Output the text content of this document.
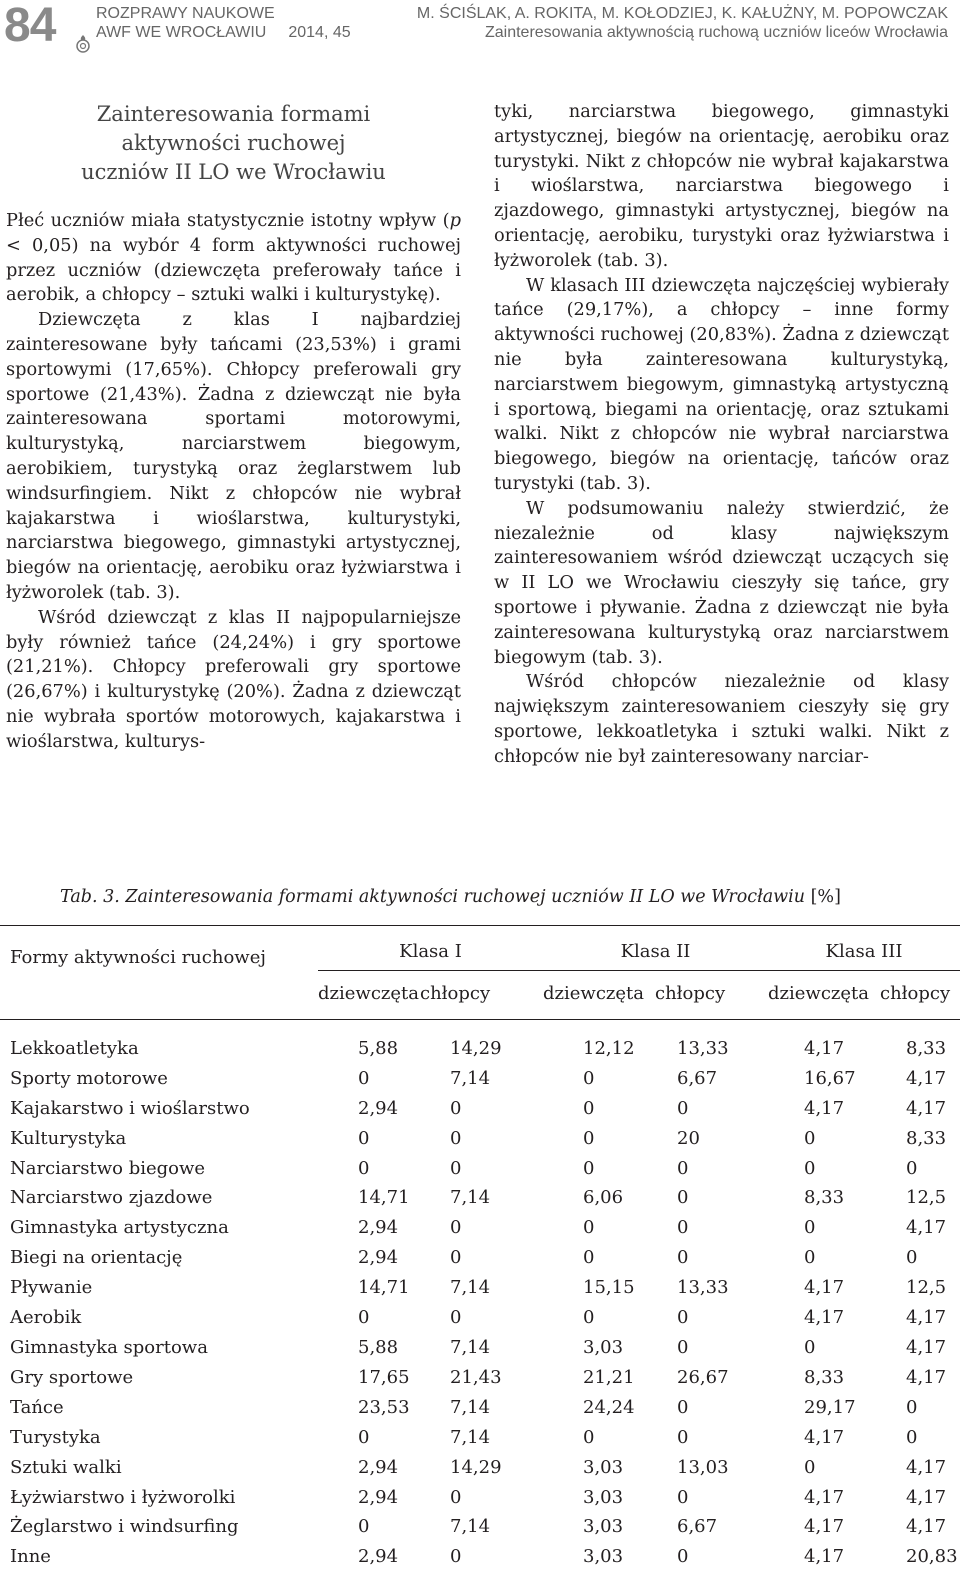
84	ROZPRAWY NAUKOWE
AWF WE WROCŁAWIU 2014, 45
M. ŚCIŚLAK, A. ROKITA, M. KOŁODZIEJ, K. KAŁUŻNY, M. POPOWCZAK
Zainteresowania aktywnością ruchową uczniów liceów Wrocławia
Zainteresowania formami
aktywności ruchowej
uczniów II LO we Wrocławiu

Płeć uczniów miała statystycznie istotny wpływ (p < 0,05) na wybór 4 form aktywności ruchowej przez uczniów (dziewczęta preferowały tańce i aerobik, a chłopcy – sztuki walki i kulturystykę).

Dziewczęta z klas I najbardziej zainteresowane były tańcami (23,53%) i grami sportowymi (17,65%). Chłopcy preferowali gry sportowe (21,43%). Żadna z dziewcząt nie była zainteresowana sportami motorowymi, kulturystyką, narciarstwem biegowym, aerobikiem, turystyką oraz żeglarstwem lub windsurfingiem. Nikt z chłopców nie wybrał kajakarstwa i wioślarstwa, kulturystyki, narciarstwa biegowego, gimnastyki artystycznej, biegów na orientację, aerobiku oraz łyżwiarstwa i łyżworolek (tab. 3).

Wśród dziewcząt z klas II najpopularniejsze były również tańce (24,24%) i gry sportowe (21,21%). Chłopcy preferowali gry sportowe (26,67%) i kulturystykę (20%). Żadna z dziewcząt nie wybrała sportów motorowych, kajakarstwa i wioślarstwa, kulturys-

tyki, narciarstwa biegowego, gimnastyki artystycznej, biegów na orientację, aerobiku oraz turystyki. Nikt z chłopców nie wybrał kajakarstwa i wioślarstwa, narciarstwa biegowego i zjazdowego, gimnastyki artystycznej, biegów na orientację, aerobiku, turystyki oraz łyżwiarstwa i łyżworolek (tab. 3).

W klasach III dziewczęta najczęściej wybierały tańce (29,17%), a chłopcy – inne formy aktywności ruchowej (20,83%). Żadna z dziewcząt nie była zainteresowana kulturystyką, narciarstwem biegowym, gimnastyką artystyczną i sportową, biegami na orientację, oraz sztukami walki. Nikt z chłopców nie wybrał narciarstwa biegowego, biegów na orientację, tańców oraz turystyki (tab. 3).

W podsumowaniu należy stwierdzić, że niezależnie od klasy największym zainteresowaniem wśród dziewcząt uczących się w II LO we Wrocławiu cieszyły się tańce, gry sportowe i pływanie. Żadna z dziewcząt nie była zainteresowana kulturystyką oraz narciarstwem biegowym (tab. 3).

Wśród chłopców niezależnie od klasy największym zainteresowaniem cieszyły się gry sportowe, lekkoatletyka i sztuki walki. Nikt z chłopców nie był zainteresowany narciar-

Tab. 3. Zainteresowania formami aktywności ruchowej uczniów II LO we Wrocławiu [%]
Formy aktywności ruchowej	Klasa I		Klasa II		Klasa III		
	dziewczęta	chłopcy	dziewczęta	chłopcy	dziewczęta	chłopcy	
Lekkoatletyka	5,88	14,29	12,12	13,33	4,17	8,33	
Sporty motorowe	0	7,14	0	6,67	16,67	4,17	
Kajakarstwo i wioślarstwo	2,94	0	0	0	4,17	4,17	
Kulturystyka	0	0	0	20	0	8,33	
Narciarstwo biegowe	0	0	0	0	0	0	
Narciarstwo zjazdowe	14,71	7,14	6,06	0	8,33	12,5	
Gimnastyka artystyczna	2,94	0	0	0	0	4,17	
Biegi na orientację	2,94	0	0	0	0	0	
Pływanie	14,71	7,14	15,15	13,33	4,17	12,5	
Aerobik	0	0	0	0	4,17	4,17	
Gimnastyka sportowa	5,88	7,14	3,03	0	0	4,17	
Gry sportowe	17,65	21,43	21,21	26,67	8,33	4,17	
Tańce	23,53	7,14	24,24	0	29,17	0	
Turystyka	0	7,14	0	0	4,17	0	
Sztuki walki	2,94	14,29	3,03	13,03	0	4,17	
Łyżwiarstwo i łyżworolki	2,94	0	3,03	0	4,17	4,17	
Żeglarstwo i windsurfing	0	7,14	3,03	6,67	4,17	4,17	
Inne	2,94	0	3,03	0	4,17	20,83	
